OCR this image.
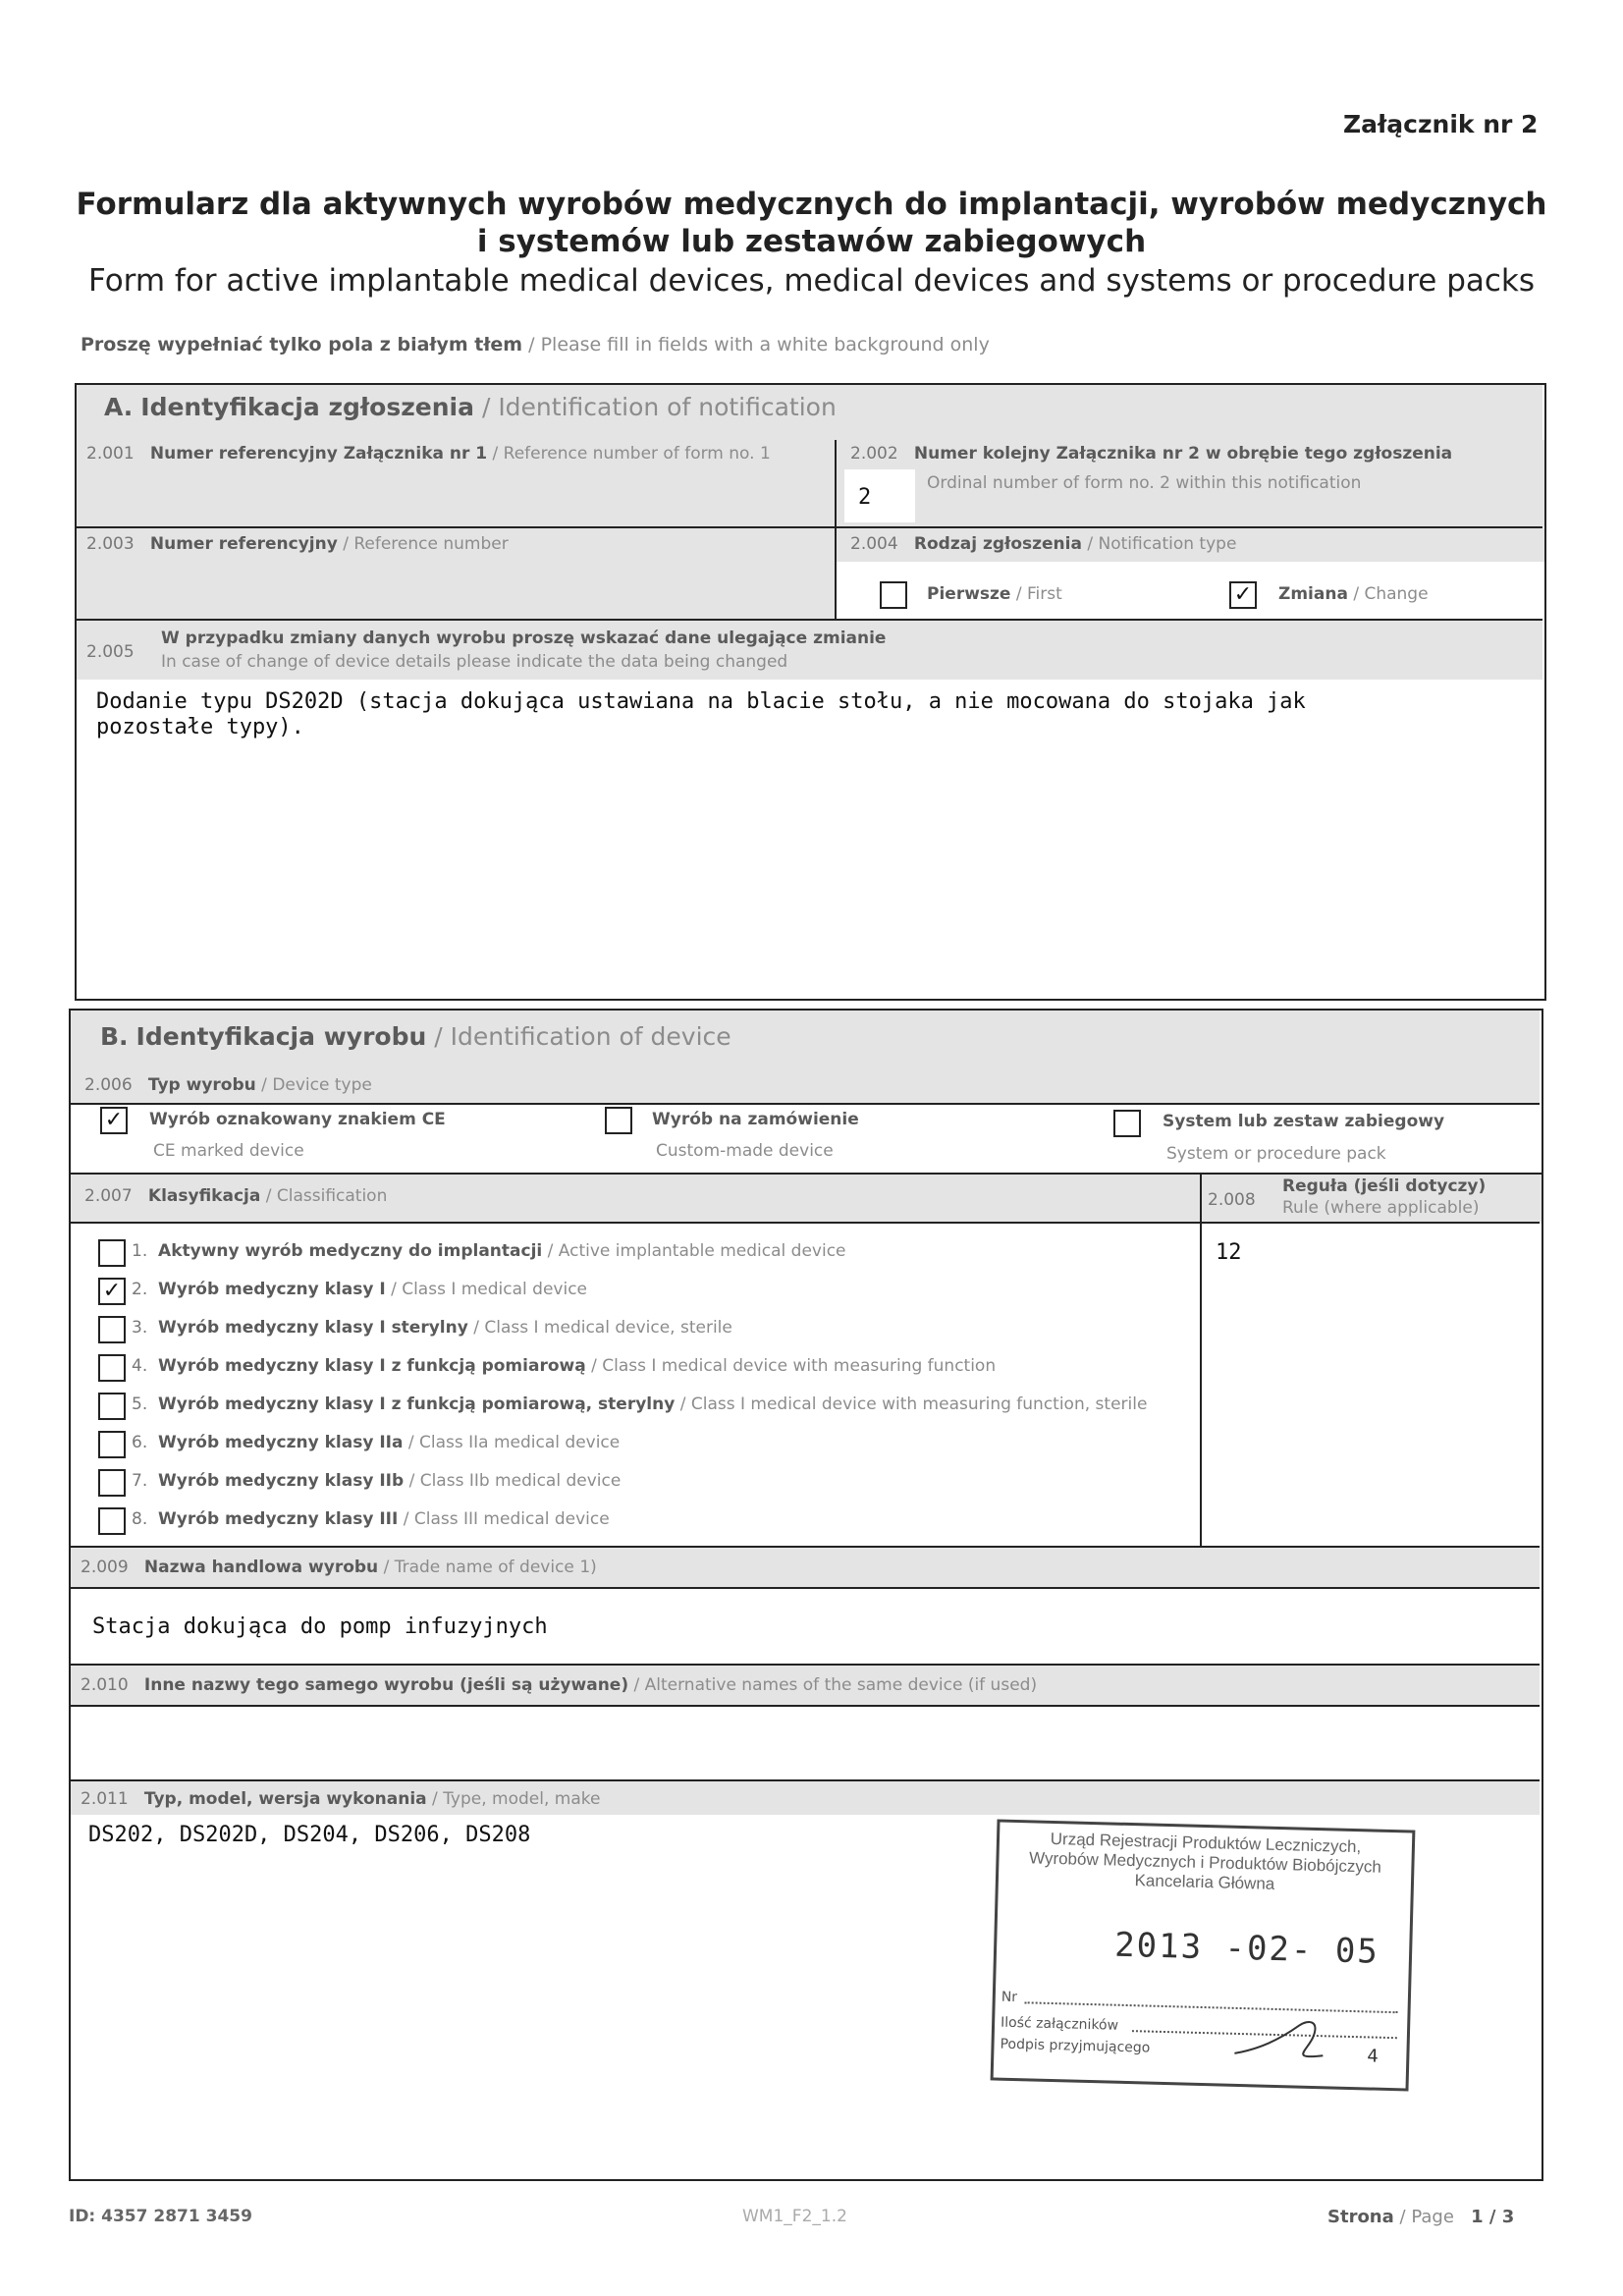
Załącznik nr 2
Formularz dla aktywnych wyrobów medycznych do implantacji, wyrobów medycznych
i systemów lub zestawów zabiegowych
Form for active implantable medical devices, medical devices and systems or procedure packs
Proszę wypełniać tylko pola z białym tłem / Please fill in fields with a white background only
A. Identyfikacja zgłoszenia / Identification of notification
2.001 Numer referencyjny Załącznika nr 1 / Reference number of form no. 1	2.002 Numer kolejny Załącznika nr 2 w obrębie tego zgłoszenia
Ordinal number of form no. 2 within this notification
2
2.003 Numer referencyjny / Reference number	2.004 Rodzaj zgłoszenia / Notification type
Pierwsze / First	✓ Zmiana / Change
2.005
W przypadku zmiany danych wyrobu proszę wskazać dane ulegające zmianie
In case of change of device details please indicate the data being changed
Dodanie typu DS202D (stacja dokująca ustawiana na blacie stołu, a nie mocowana do stojaka jak
pozostałe typy).
B. Identyfikacja wyrobu / Identification of device
2.006 Typ wyrobu / Device type
✓ Wyrób oznakowany znakiem CE
CE marked device
Wyrób na zamówienie
Custom-made device
System lub zestaw zabiegowy
System or procedure pack
2.007 Klasyfikacja / Classification	2.008
Reguła (jeśli dotyczy)
Rule (where applicable)
12
1. Aktywny wyrób medyczny do implantacji / Active implantable medical device
✓ 2. Wyrób medyczny klasy I / Class I medical device
3. Wyrób medyczny klasy I sterylny / Class I medical device, sterile
4. Wyrób medyczny klasy I z funkcją pomiarową / Class I medical device with measuring function
5. Wyrób medyczny klasy I z funkcją pomiarową, sterylny / Class I medical device with measuring function, sterile
6. Wyrób medyczny klasy IIa / Class IIa medical device
7. Wyrób medyczny klasy IIb / Class IIb medical device
8. Wyrób medyczny klasy III / Class III medical device
2.009 Nazwa handlowa wyrobu / Trade name of device 1)
Stacja dokująca do pomp infuzyjnych
2.010 Inne nazwy tego samego wyrobu (jeśli są używane) / Alternative names of the same device (if used)
2.011 Typ, model, wersja wykonania / Type, model, make
DS202, DS202D, DS204, DS206, DS208	Urząd Rejestracji Produktów Leczniczych,
Wyrobów Medycznych i Produktów Biobójczych
Kancelaria Główna
2013 -02- 05
Nr
Ilość załączników
Podpis przyjmującego	4
ID: 4357 2871 3459	WM1_F2_1.2	Strona / Page 1 / 3
